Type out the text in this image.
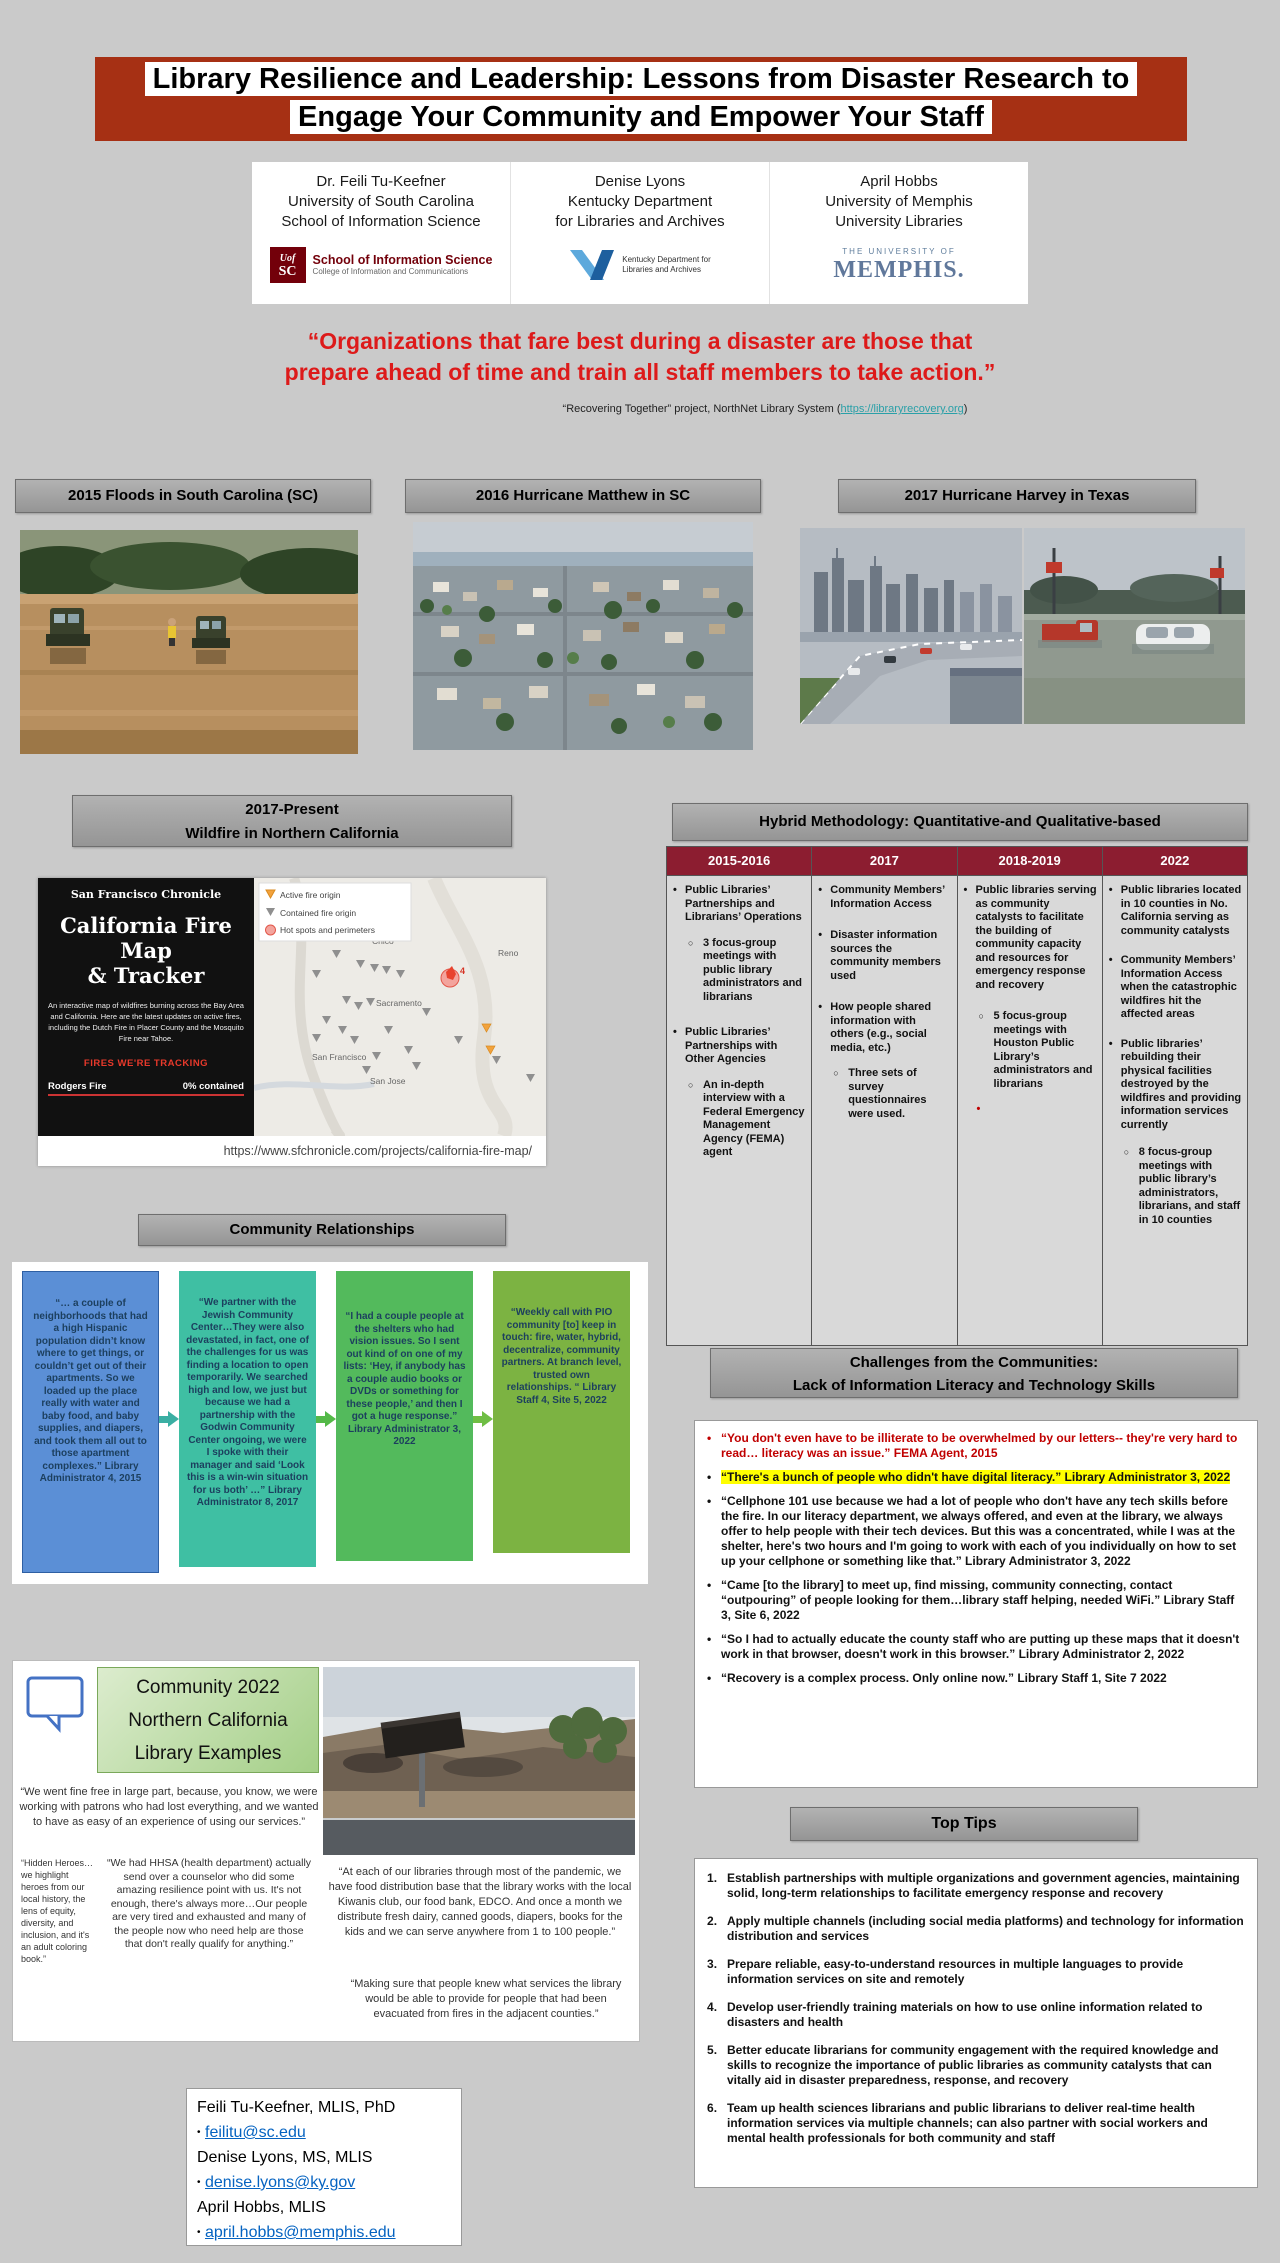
Library Resilience and Leadership: Lessons from Disaster Research to
Engage Your Community and Empower Your Staff
Dr. Feili Tu-Keefner
University of South Carolina
School of Information Science
Uof
SC
School of Information Science
College of Information and Communications
Denise Lyons
Kentucky Department
for Libraries and Archives
Kentucky Department for
Libraries and Archives
April Hobbs
University of Memphis
University Libraries
THE UNIVERSITY OF
MEMPHIS.
“Organizations that fare best during a disaster are those that
prepare ahead of time and train all staff members to take action.”
“Recovering Together” project, NorthNet Library System (https://libraryrecovery.org)
2015 Floods in South Carolina (SC)	2016 Hurricane Matthew in SC	2017 Hurricane Harvey in Texas
2017-Present
Wildfire in Northern California
San Francisco Chronicle
California Fire Map
& Tracker
An interactive map of wildfires burning across the Bay Area and California. Here are the latest updates on active fires, including the Dutch Fire in Placer County and the Mosquito Fire near Tahoe.
FIRES WE'RE TRACKING
Rodgers Fire	0% contained
4
Reno
Sacramento
San Francisco
San Jose
Active fire origin
Contained fire origin
Hot spots and perimeters
https://www.sfchronicle.com/projects/california-fire-map/
Hybrid Methodology: Quantitative-and Qualitative-based
2015-2016
• Public Libraries’ Partnerships and Librarians’ Operations
○ 3 focus-group meetings with public library administrators and librarians
• Public Libraries’ Partnerships with Other Agencies
○ An in-depth interview with a Federal Emergency Management Agency (FEMA) agent
2017
• Community Members’ Information Access
• Disaster information sources the community members used
• How people shared information with others (e.g., social media, etc.)
○ Three sets of survey questionnaires were used.
2018-2019
• Public libraries serving as community catalysts to facilitate the building of community capacity and resources for emergency response and recovery
○ 5 focus-group meetings with Houston Public Library’s administrators and librarians
•
2022
• Public libraries located in 10 counties in No. California serving as community catalysts
• Community Members’ Information Access when the catastrophic wildfires hit the affected areas
• Public libraries’ rebuilding their physical facilities destroyed by the wildfires and providing information services currently
○ 8 focus-group meetings with public library’s administrators, librarians, and staff in 10 counties
Community Relationships
“… a couple of neighborhoods that had a high Hispanic population didn’t know where to get things, or couldn’t get out of their apartments. So we loaded up the place really with water and baby food, and baby supplies, and diapers, and took them all out to those apartment complexes.” Library Administrator 4, 2015
“We partner with the Jewish Community Center…They were also devastated, in fact, one of the challenges for us was finding a location to open temporarily. We searched high and low, we just but because we had a partnership with the Godwin Community Center ongoing, we were I spoke with their manager and said ‘Look this is a win-win situation for us both’ …” Library Administrator 8, 2017
“I had a couple people at the shelters who had vision issues. So I sent out kind of on one of my lists: ‘Hey, if anybody has a couple audio books or DVDs or something for these people,’ and then I got a huge response.” Library Administrator 3, 2022
“Weekly call with PIO community [to] keep in touch: fire, water, hybrid, decentralize, community partners. At branch level, trusted own relationships. “ Library Staff 4, Site 5, 2022
Challenges from the Communities:
Lack of Information Literacy and Technology Skills
• “You don't even have to be illiterate to be overwhelmed by our letters-- they're very hard to read… literacy was an issue.” FEMA Agent, 2015
• “There's a bunch of people who didn't have digital literacy.” Library Administrator 3, 2022
• “Cellphone 101 use because we had a lot of people who don't have any tech skills before the fire. In our literacy department, we always offered, and even at the library, we always offer to help people with their tech devices. But this was a concentrated, while I was at the shelter, here's two hours and I'm going to work with each of you individually on how to set up your cellphone or something like that.” Library Administrator 3, 2022
• “Came [to the library] to meet up, find missing, community connecting, contact “outpouring” of people looking for them…library staff helping, needed WiFi.” Library Staff 3, Site 6, 2022
• “So I had to actually educate the county staff who are putting up these maps that it doesn't work in that browser, doesn't work in this browser.” Library Administrator 2, 2022
• “Recovery is a complex process. Only online now.” Library Staff 1, Site 7 2022
Community 2022
Northern California
Library Examples
“We went fine free in large part, because, you know, we were working with patrons who had lost everything, and we wanted to have as easy of an experience of using our services.”
“Hidden Heroes…we highlight heroes from our local history, the lens of equity, diversity, and inclusion, and it's an adult coloring book.”
“We had HHSA (health department) actually send over a counselor who did some amazing resilience point with us. It's not enough, there's always more…Our people are very tired and exhausted and many of the people now who need help are those that don't really qualify for anything.”
“At each of our libraries through most of the pandemic, we have food distribution base that the library works with the local Kiwanis club, our food bank, EDCO. And once a month we distribute fresh dairy, canned goods, diapers, books for the kids and we can serve anywhere from 1 to 100 people.”
“Making sure that people knew what services the library would be able to provide for people that had been evacuated from fires in the adjacent counties.”
Top Tips
Establish partnerships with multiple organizations and government agencies, maintaining solid, long-term relationships to facilitate emergency response and recovery
Apply multiple channels (including social media platforms) and technology for information distribution and services
Prepare reliable, easy-to-understand resources in multiple languages to provide information services on site and remotely
Develop user-friendly training materials on how to use online information related to disasters and health
Better educate librarians for community engagement with the required knowledge and skills to recognize the importance of public libraries as community catalysts that can vitally aid in disaster preparedness, response, and recovery
Team up health sciences librarians and public librarians to deliver real-time health information services via multiple channels; can also partner with social workers and mental health professionals for both community and staff
Feili Tu-Keefner, MLIS, PhD
• feilitu@sc.edu
Denise Lyons, MS, MLIS
• denise.lyons@ky.gov
April Hobbs, MLIS
• april.hobbs@memphis.edu
